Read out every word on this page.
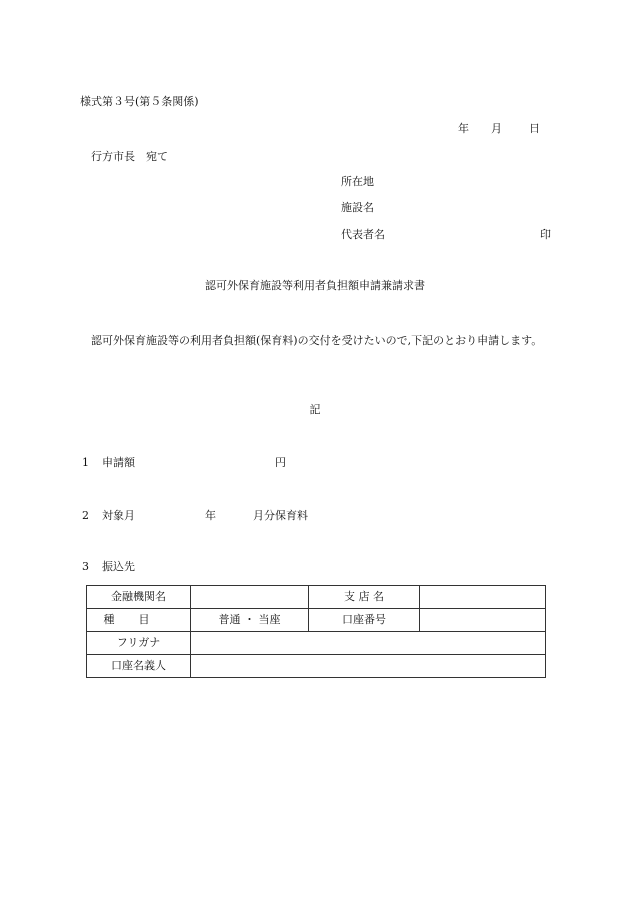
様式第３号(第５条関係)
年 月 日
行方市長　宛て
所在地
施設名
代表者名	印
認可外保育施設等利用者負担額申請兼請求書
認可外保育施設等の利用者負担額(保育料)の交付を受けたいので,下記のとおり申請します。
記
1 申請額	円
2 対象月	年	月分保育料
3 振込先
金融機関名		支 店 名	
種目	普通 ・ 当座	口座番号	
フリガナ			
口座名義人			
